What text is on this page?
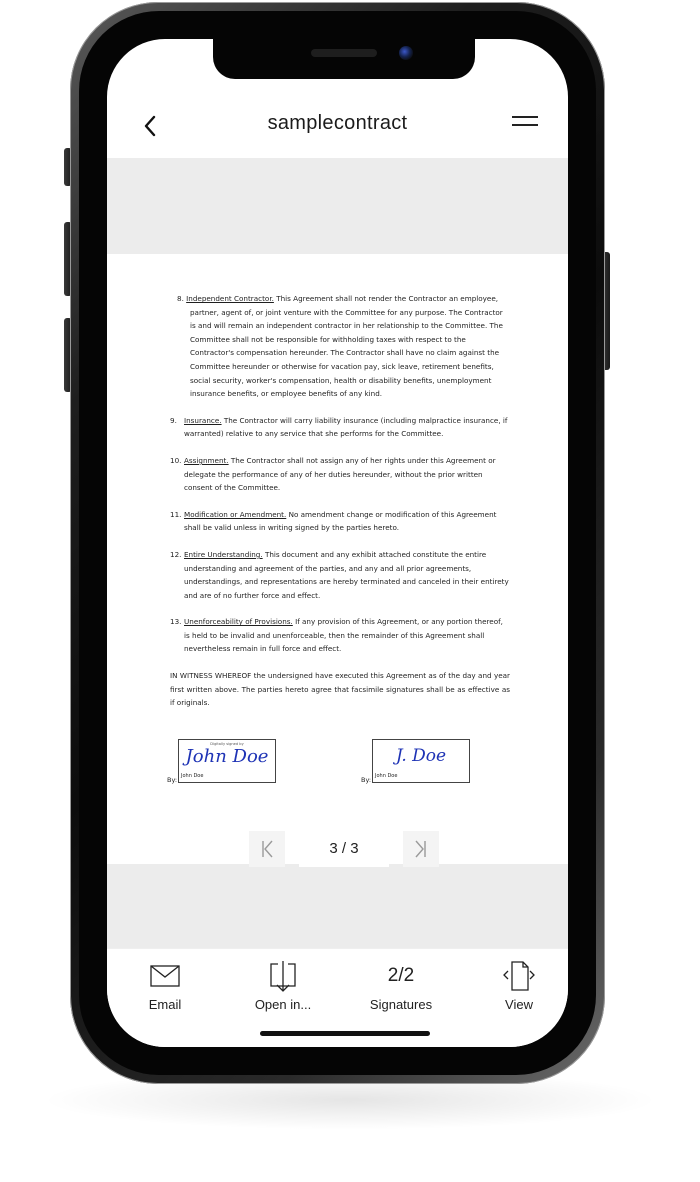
samplecontract
8. Independent Contractor. This Agreement shall not render the Contractor an employee, partner, agent of, or joint venture with the Committee for any purpose. The Contractor is and will remain an independent contractor in her relationship to the Committee. The Committee shall not be responsible for withholding taxes with respect to the Contractor's compensation hereunder. The Contractor shall have no claim against the Committee hereunder or otherwise for vacation pay, sick leave, retirement benefits, social security, worker's compensation, health or disability benefits, unemployment insurance benefits, or employee benefits of any kind.
9. Insurance. The Contractor will carry liability insurance (including malpractice insurance, if warranted) relative to any service that she performs for the Committee.
10. Assignment. The Contractor shall not assign any of her rights under this Agreement or delegate the performance of any of her duties hereunder, without the prior written consent of the Committee.
11. Modification or Amendment. No amendment change or modification of this Agreement shall be valid unless in writing signed by the parties hereto.
12. Entire Understanding. This document and any exhibit attached constitute the entire understanding and agreement of the parties, and any and all prior agreements, understandings, and representations are hereby terminated and canceled in their entirety and are of no further force and effect.
13. Unenforceability of Provisions. If any provision of this Agreement, or any portion thereof, is held to be invalid and unenforceable, then the remainder of this Agreement shall nevertheless remain in full force and effect.
IN WITNESS WHEREOF the undersigned have executed this Agreement as of the day and year first written above. The parties hereto agree that facsimile signatures shall be as effective as if originals.
By:
Digitally signed by
John Doe
John Doe	By:
J. Doe
John Doe
3 / 3
Email	Open in...
2/2
Signatures	View
